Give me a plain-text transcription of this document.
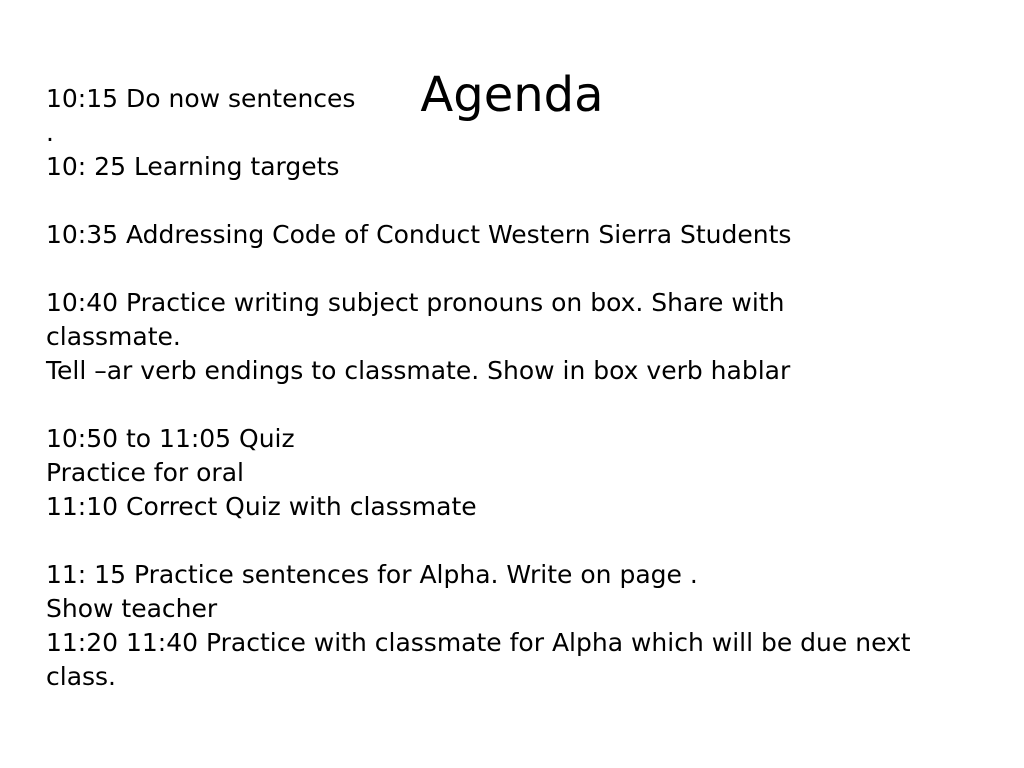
Agenda
10:15 Do now sentences
.
10: 25 Learning targets
10:35 Addressing Code of Conduct Western Sierra Students
10:40 Practice writing subject pronouns on box. Share with
classmate.
Tell –ar verb endings to classmate. Show in box verb hablar
10:50 to 11:05 Quiz
Practice for oral
11:10 Correct Quiz with classmate
11: 15 Practice sentences for Alpha. Write on page .
Show teacher
11:20 11:40 Practice with classmate for Alpha which will be due next
class.
